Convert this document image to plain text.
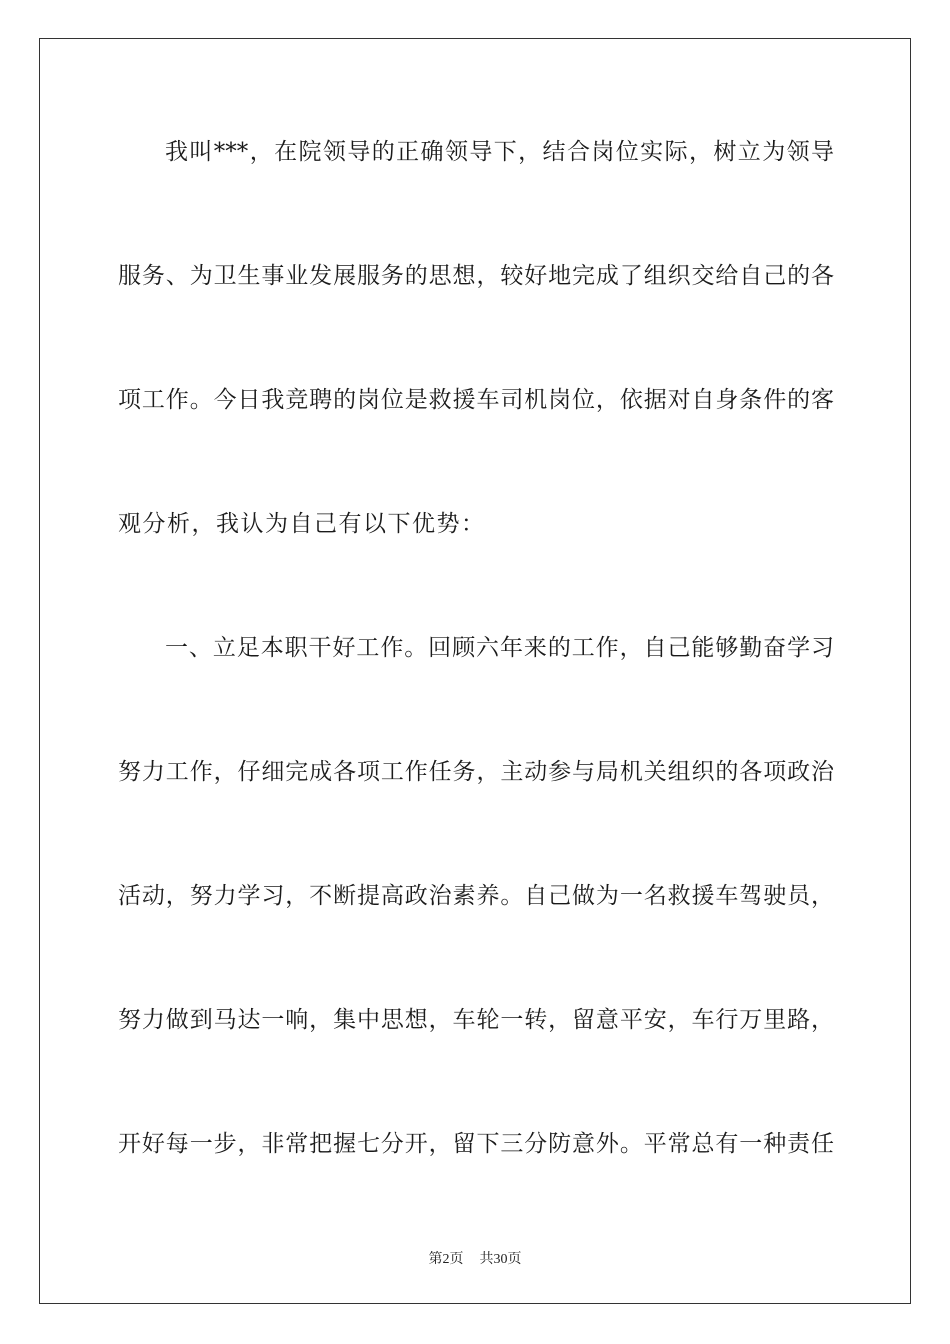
我叫***，在院领导的正确领导下，结合岗位实际，树立为领导
服务、为卫生事业发展服务的思想，较好地完成了组织交给自己的各
项工作。今日我竞聘的岗位是救援车司机岗位，依据对自身条件的客
观分析，我认为自己有以下优势：
一、立足本职干好工作。回顾六年来的工作，自己能够勤奋学习
努力工作，仔细完成各项工作任务，主动参与局机关组织的各项政治
活动，努力学习，不断提高政治素养。自己做为一名救援车驾驶员，
努力做到马达一响，集中思想，车轮一转，留意平安，车行万里路，
开好每一步，非常把握七分开，留下三分防意外。平常总有一种责任
第2页 共30页
